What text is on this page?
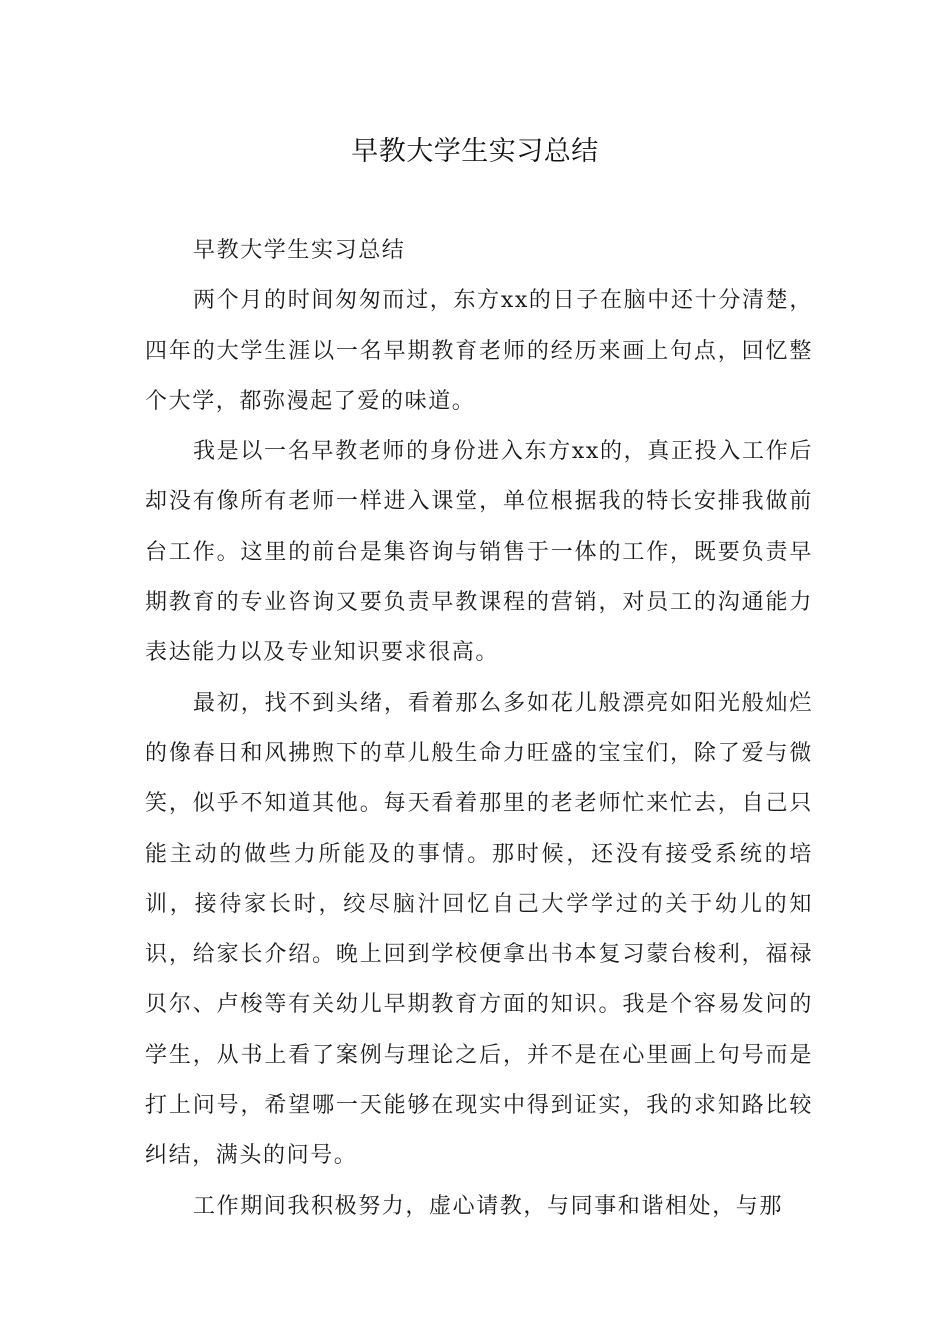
早教大学生实习总结

早教大学生实习总结

两个月的时间匆匆而过，东方xx的日子在脑中还十分清楚，四年的大学生涯以一名早期教育老师的经历来画上句点，回忆整个大学，都弥漫起了爱的味道。

我是以一名早教老师的身份进入东方xx的，真正投入工作后却没有像所有老师一样进入课堂，单位根据我的特长安排我做前台工作。这里的前台是集咨询与销售于一体的工作，既要负责早期教育的专业咨询又要负责早教课程的营销，对员工的沟通能力表达能力以及专业知识要求很高。

最初，找不到头绪，看着那么多如花儿般漂亮如阳光般灿烂的像春日和风拂煦下的草儿般生命力旺盛的宝宝们，除了爱与微笑，似乎不知道其他。每天看着那里的老老师忙来忙去，自己只能主动的做些力所能及的事情。那时候，还没有接受系统的培训，接待家长时，绞尽脑汁回忆自己大学学过的关于幼儿的知识，给家长介绍。晚上回到学校便拿出书本复习蒙台梭利，福禄贝尔、卢梭等有关幼儿早期教育方面的知识。我是个容易发问的学生，从书上看了案例与理论之后，并不是在心里画上句号而是打上问号，希望哪一天能够在现实中得到证实，我的求知路比较纠结，满头的问号。

工作期间我积极努力，虚心请教，与同事和谐相处，与那
